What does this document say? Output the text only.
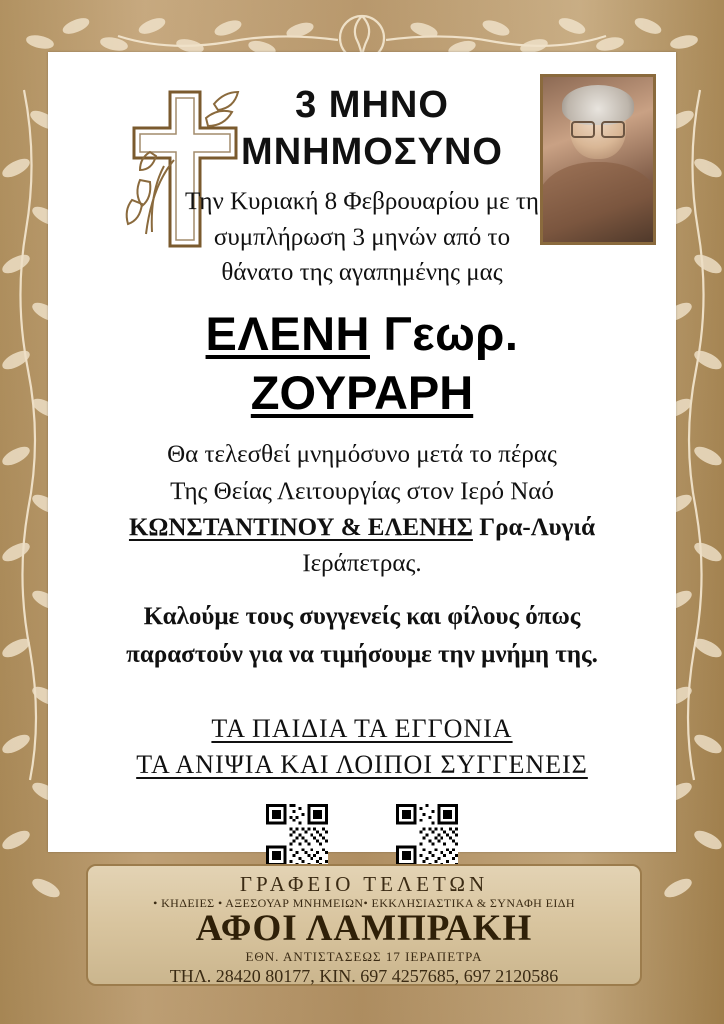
3 ΜΗΝΟ
ΜΝΗΜΟΣΥΝΟ
Την Κυριακή 8 Φεβρουαρίου με τη
συμπλήρωση 3 μηνών από το
θάνατο της αγαπημένης μας
ΕΛΕΝΗ Γεωρ.
ΖΟΥΡΑΡΗ
Θα τελεσθεί μνημόσυνο μετά το πέρας
Της Θείας Λειτουργίας στον Ιερό Ναό
ΚΩΝΣΤΑΝΤΙΝΟΥ & ΕΛΕΝΗΣ Γρα-Λυγιά
Ιεράπετρας.
Καλούμε τους συγγενείς και φίλους όπως
παραστούν για να τιμήσουμε την μνήμη της.
ΤΑ ΠΑΙΔΙΑ ΤΑ ΕΓΓΟΝΙΑ
ΤΑ ΑΝΙΨΙΑ ΚΑΙ ΛΟΙΠΟΙ ΣΥΓΓΕΝΕΙΣ
ΓΡΑΦΕΙΟ ΤΕΛΕΤΩΝ
• ΚΗΔΕΙΕΣ • ΑΞΕΣΟΥΑΡ ΜΝΗΜΕΙΩΝ• ΕΚΚΛΗΣΙΑΣΤΙΚΑ & ΣΥΝΑΦΗ ΕΙΔΗ
ΑΦΟΙ ΛΑΜΠΡΑΚΗ
ΕΘΝ. ΑΝΤΙΣΤΑΣΕΩΣ 17 ΙΕΡΑΠΕΤΡΑ
ΤΗΛ. 28420 80177, ΚΙΝ. 697 4257685, 697 2120586
